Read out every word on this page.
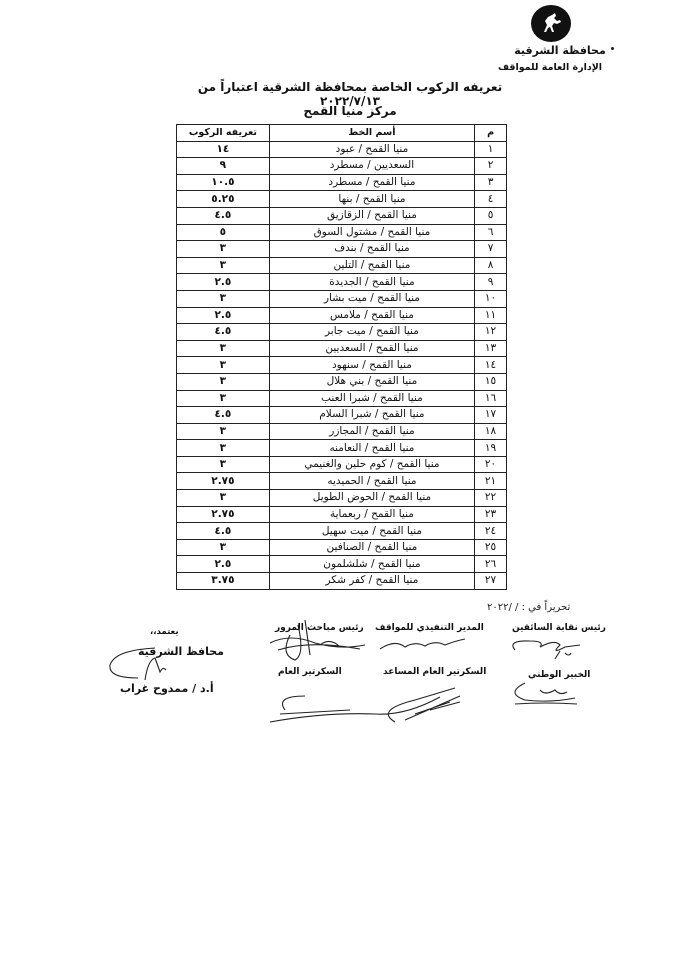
محافظة الشرقية
الإدارة العامة للمواقف
تعريفه الركوب الخاصة بمحافظة الشرقية اعتباراً من ٢٠٢٢/٧/١٣
مركز منيا القمح
م	أسم الخط	تعريفه الركوب
١	منيا القمح / عبود	١٤
٢	السعديين / مسطرد	٩
٣	منيا القمح / مسطرد	١٠.٥
٤	منيا القمح / بنها	٥.٢٥
٥	منيا القمح / الزقازيق	٤.٥
٦	منيا القمح / مشتول السوق	٥
٧	منيا القمح / بندف	٣
٨	منيا القمح / التلين	٣
٩	منيا القمح / الجديدة	٢.٥
١٠	منيا القمح / ميت بشار	٣
١١	منيا القمح / ملامس	٢.٥
١٢	منيا القمح / ميت جابر	٤.٥
١٣	منيا القمح / السعديين	٣
١٤	منيا القمح / سنهود	٣
١٥	منيا القمح / بني هلال	٣
١٦	منيا القمح / شبرا العنب	٣
١٧	منيا القمح / شبرا السلام	٤.٥
١٨	منيا القمح / المجازر	٣
١٩	منيا القمح / النعامنه	٣
٢٠	منيا القمح / كوم حلين والغنيمي	٣
٢١	منيا القمح / الحميديه	٢.٧٥
٢٢	منيا القمح / الحوض الطويل	٣
٢٣	منيا القمح / ربعماية	٢.٧٥
٢٤	منيا القمح / ميت سهيل	٤.٥
٢٥	منيا القمح / الصنافين	٣
٢٦	منيا القمح / شلشلمون	٢.٥
٢٧	منيا القمح / كفر شكر	٣.٧٥
تحريراً في : / /٢٠٢٢
رئيس نقابة السائقين
المدير التنفيذي للمواقف
رئيس مباحث المرور
الخبير الوطني
السكرتير العام المساعد
السكرتير العام
يعتمد،،
محافظ الشرقية
أ.د / ممدوح غراب
